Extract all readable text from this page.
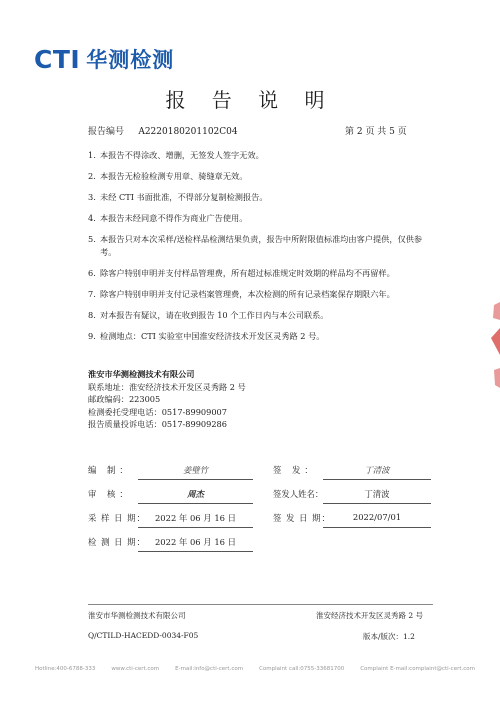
CTI 华测检测
报 告 说 明
报告编号 A2220180201102C04	第 2 页 共 5 页
1. 本报告不得涂改、增删，无签发人签字无效。
2. 本报告无检验检测专用章、骑缝章无效。
3. 未经 CTI 书面批准，不得部分复制检测报告。
4. 本报告未经同意不得作为商业广告使用。
5. 本报告只对本次采样/送检样品检测结果负责，报告中所附限值标准均由客户提供，仅供参考。
6. 除客户特别申明并支付样品管理费，所有超过标准规定时效期的样品均不再留样。
7. 除客户特别申明并支付记录档案管理费，本次检测的所有记录档案保存期限六年。
8. 对本报告有疑议，请在收到报告 10 个工作日内与本公司联系。
9. 检测地点：CTI 实验室中国淮安经济技术开发区灵秀路 2 号。
淮安市华测检测技术有限公司
联系地址：淮安经济技术开发区灵秀路 2 号
邮政编码：223005
检测委托受理电话：0517-89909007
报告质量投诉电话：0517-89909286
编 制：	姜璧竹	签 发：	丁清波
审 核：	周杰	签发人姓名：	丁清波
采 样 日 期：	2022 年 06 月 16 日	签 发 日 期：	2022/07/01
检 测 日 期：	2022 年 06 月 16 日
淮安市华测检测技术有限公司	淮安经济技术开发区灵秀路 2 号
Q/CTILD-HACEDD-0034-F05	版本/版次：1.2
Hotline:400-6788-333	www.cti-cert.com	E-mail:info@cti-cert.com	Complaint call:0755-33681700	Complaint E-mail:complaint@cti-cert.com
